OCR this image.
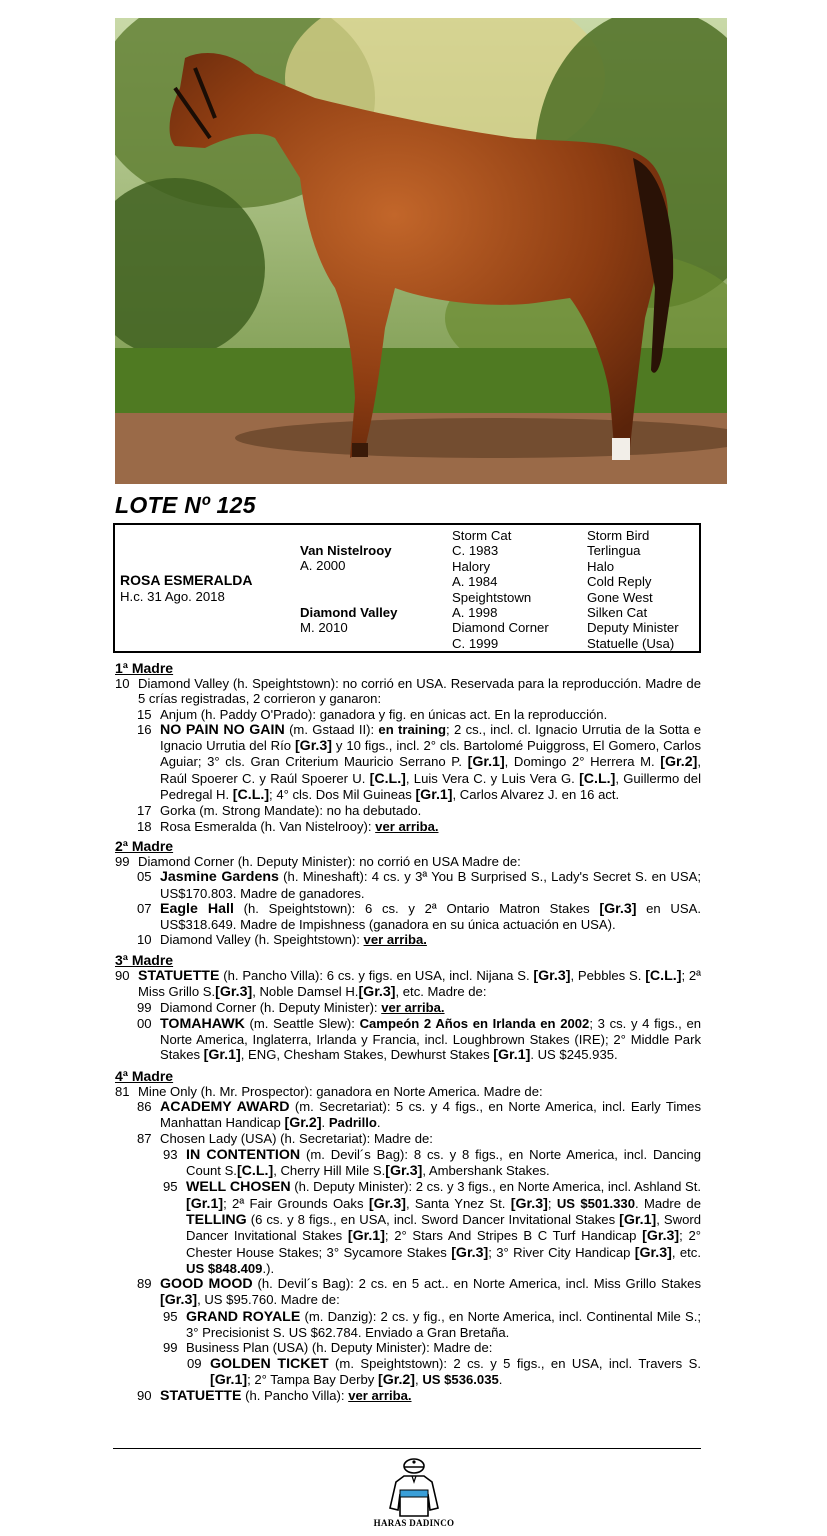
LOTE Nº 125
ROSA ESMERALDA
H.c. 31 Ago. 2018
Van Nistelrooy
A. 2000
Diamond Valley
M. 2010
Storm Cat
C. 1983
Halory
A. 1984
Speightstown
A. 1998
Diamond Corner
C. 1999
Storm Bird
Terlingua
Halo
Cold Reply
Gone West
Silken Cat
Deputy Minister
Statuelle (Usa)
1ª Madre
10 Diamond Valley (h. Speightstown): no corrió en USA. Reservada para la reproducción. Madre de 5 crías registradas, 2 corrieron y ganaron:
15 Anjum (h. Paddy O'Prado): ganadora y fig. en únicas act. En la reproducción.
16 NO PAIN NO GAIN (m. Gstaad II): en training; 2 cs., incl. cl. Ignacio Urrutia de la Sotta e Ignacio Urrutia del Río [Gr.3] y 10 figs., incl. 2° cls. Bartolomé Puiggross, El Gomero, Carlos Aguiar; 3° cls. Gran Criterium Mauricio Serrano P. [Gr.1], Domingo 2° Herrera M. [Gr.2], Raúl Spoerer C. y Raúl Spoerer U. [C.L.], Luis Vera C. y Luis Vera G. [C.L.], Guillermo del Pedregal H. [C.L.]; 4° cls. Dos Mil Guineas [Gr.1], Carlos Alvarez J. en 16 act.
17 Gorka (m. Strong Mandate): no ha debutado.
18 Rosa Esmeralda (h. Van Nistelrooy): ver arriba.
2ª Madre
99 Diamond Corner (h. Deputy Minister): no corrió en USA Madre de:
05 Jasmine Gardens (h. Mineshaft): 4 cs. y 3ª You B Surprised S., Lady's Secret S. en USA; US$170.803. Madre de ganadores.
07 Eagle Hall (h. Speightstown): 6 cs. y 2ª Ontario Matron Stakes [Gr.3] en USA. US$318.649. Madre de Impishness (ganadora en su única actuación en USA).
10 Diamond Valley (h. Speightstown): ver arriba.
3ª Madre
90 STATUETTE (h. Pancho Villa): 6 cs. y figs. en USA, incl. Nijana S. [Gr.3], Pebbles S. [C.L.]; 2ª Miss Grillo S.[Gr.3], Noble Damsel H.[Gr.3], etc. Madre de:
99 Diamond Corner (h. Deputy Minister): ver arriba.
00 TOMAHAWK (m. Seattle Slew): Campeón 2 Años en Irlanda en 2002; 3 cs. y 4 figs., en Norte America, Inglaterra, Irlanda y Francia, incl. Loughbrown Stakes (IRE); 2° Middle Park Stakes [Gr.1], ENG, Chesham Stakes, Dewhurst Stakes [Gr.1]. US $245.935.
4ª Madre
81 Mine Only (h. Mr. Prospector): ganadora en Norte America. Madre de:
86 ACADEMY AWARD (m. Secretariat): 5 cs. y 4 figs., en Norte America, incl. Early Times Manhattan Handicap [Gr.2]. Padrillo.
87 Chosen Lady (USA) (h. Secretariat): Madre de:
93 IN CONTENTION (m. Devil´s Bag): 8 cs. y 8 figs., en Norte America, incl. Dancing Count S.[C.L.], Cherry Hill Mile S.[Gr.3], Ambershank Stakes.
95 WELL CHOSEN (h. Deputy Minister): 2 cs. y 3 figs., en Norte America, incl. Ashland St. [Gr.1]; 2ª Fair Grounds Oaks [Gr.3], Santa Ynez St. [Gr.3]; US $501.330. Madre de TELLING (6 cs. y 8 figs., en USA, incl. Sword Dancer Invitational Stakes [Gr.1], Sword Dancer Invitational Stakes [Gr.1]; 2° Stars And Stripes B C Turf Handicap [Gr.3]; 2° Chester House Stakes; 3° Sycamore Stakes [Gr.3]; 3° River City Handicap [Gr.3], etc. US $848.409.).
89 GOOD MOOD (h. Devil´s Bag): 2 cs. en 5 act.. en Norte America, incl. Miss Grillo Stakes [Gr.3], US $95.760. Madre de:
95 GRAND ROYALE (m. Danzig): 2 cs. y fig., en Norte America, incl. Continental Mile S.; 3° Precisionist S. US $62.784. Enviado a Gran Bretaña.
99 Business Plan (USA) (h. Deputy Minister): Madre de:
09 GOLDEN TICKET (m. Speightstown): 2 cs. y 5 figs., en USA, incl. Travers S. [Gr.1]; 2° Tampa Bay Derby [Gr.2], US $536.035.
90 STATUETTE (h. Pancho Villa): ver arriba.
HARAS DADINCO
